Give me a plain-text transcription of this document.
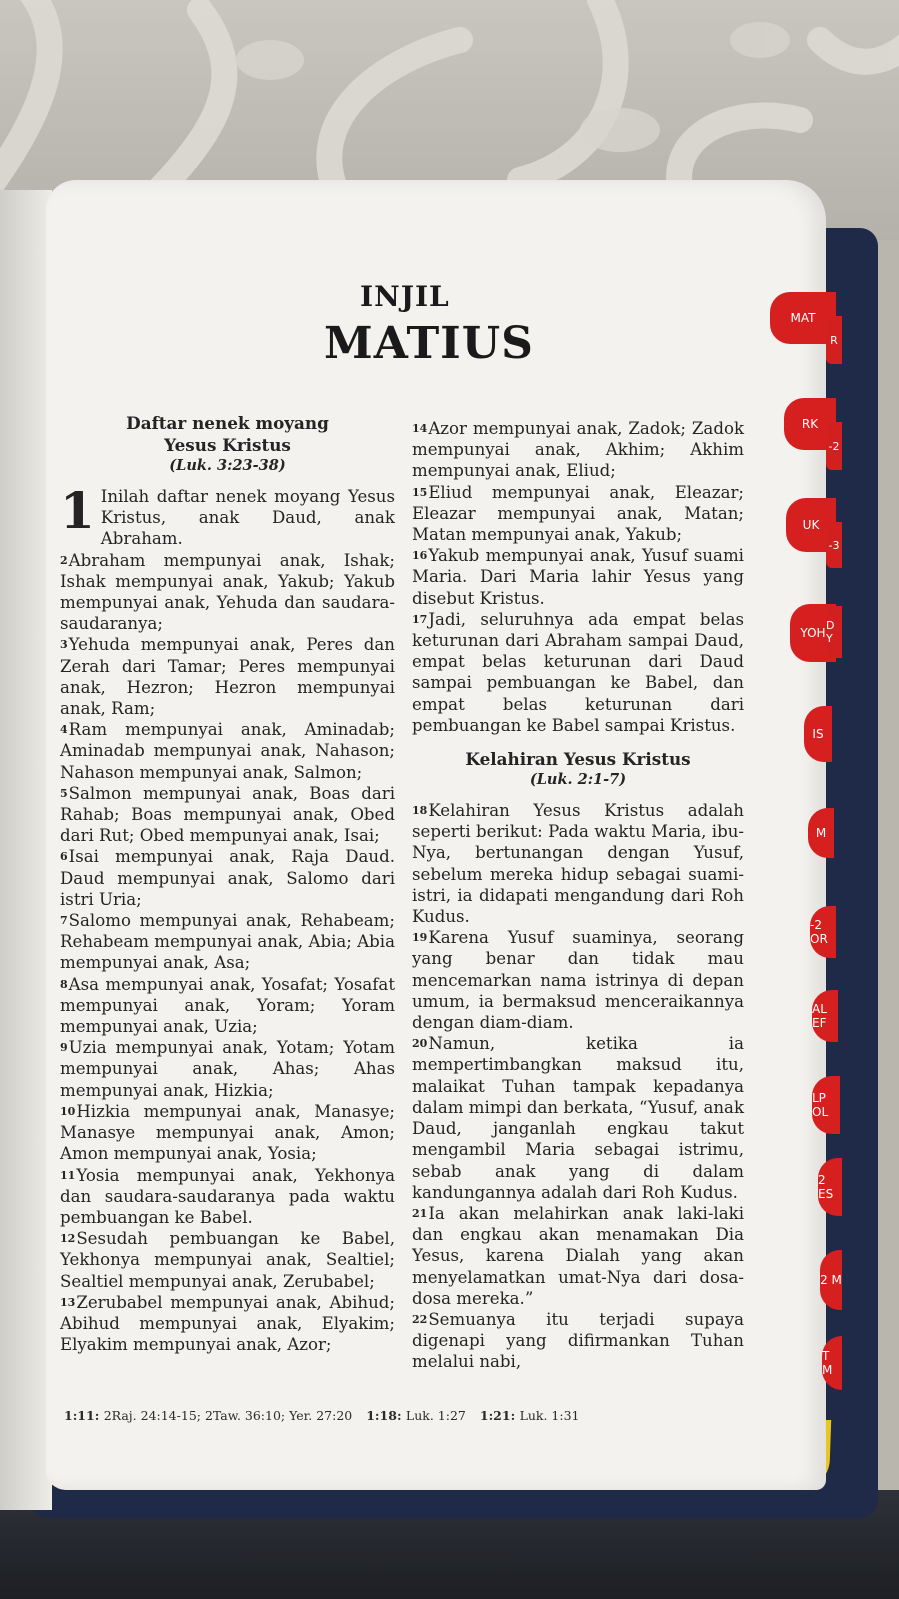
MAT
RK
UK
YOH
IS
M
-2 OR
AL EF
LP OL
2 ES
2 M
T M
R
-2
-3
D Y
INJIL
MATIUS
Daftar nenek moyang
Yesus Kristus
(Luk. 3:23-38)

1 Inilah daftar nenek moyang Yesus Kristus, anak Daud, anak Abraham.

2Abraham mempunyai anak, Ishak; Ishak mempunyai anak, Yakub; Yakub mempunyai anak, Yehuda dan saudara-saudaranya;

3Yehuda mempunyai anak, Peres dan Zerah dari Tamar; Peres mempunyai anak, Hezron; Hezron mempunyai anak, Ram;

4Ram mempunyai anak, Aminadab; Aminadab mempunyai anak, Nahason; Nahason mempunyai anak, Salmon;

5Salmon mempunyai anak, Boas dari Rahab; Boas mempunyai anak, Obed dari Rut; Obed mempunyai anak, Isai;

6Isai mempunyai anak, Raja Daud. Daud mempunyai anak, Salomo dari istri Uria;

7Salomo mempunyai anak, Rehabeam; Rehabeam mempunyai anak, Abia; Abia mempunyai anak, Asa;

8Asa mempunyai anak, Yosafat; Yosafat mempunyai anak, Yoram; Yoram mempunyai anak, Uzia;

9Uzia mempunyai anak, Yotam; Yotam mempunyai anak, Ahas; Ahas mempunyai anak, Hizkia;

10Hizkia mempunyai anak, Manasye; Manasye mempunyai anak, Amon; Amon mempunyai anak, Yosia;

11Yosia mempunyai anak, Yekhonya dan saudara-saudaranya pada waktu pembuangan ke Babel.

12Sesudah pembuangan ke Babel, Yekhonya mempunyai anak, Sealtiel; Sealtiel mempunyai anak, Zerubabel;

13Zerubabel mempunyai anak, Abihud; Abihud mempunyai anak, Elyakim; Elyakim mempunyai anak, Azor;

14Azor mempunyai anak, Zadok; Zadok mempunyai anak, Akhim; Akhim mempunyai anak, Eliud;

15Eliud mempunyai anak, Eleazar; Eleazar mempunyai anak, Matan; Matan mempunyai anak, Yakub;

16Yakub mempunyai anak, Yusuf suami Maria. Dari Maria lahir Yesus yang disebut Kristus.

17Jadi, seluruhnya ada empat belas keturunan dari Abraham sampai Daud, empat belas keturunan dari Daud sampai pembuangan ke Babel, dan empat belas keturunan dari pembuangan ke Babel sampai Kristus.

Kelahiran Yesus Kristus
(Luk. 2:1-7)

18Kelahiran Yesus Kristus adalah seperti berikut: Pada waktu Maria, ibu-Nya, bertunangan dengan Yusuf, sebelum mereka hidup sebagai suami-istri, ia didapati mengandung dari Roh Kudus.

19Karena Yusuf suaminya, seorang yang benar dan tidak mau mencemarkan nama istrinya di depan umum, ia bermaksud menceraikannya dengan diam-diam.

20Namun, ketika ia mempertimbangkan maksud itu, malaikat Tuhan tampak kepadanya dalam mimpi dan berkata, “Yusuf, anak Daud, janganlah engkau takut mengambil Maria sebagai istrimu, sebab anak yang di dalam kandungannya adalah dari Roh Kudus.

21Ia akan melahirkan anak laki-laki dan engkau akan menamakan Dia Yesus, karena Dialah yang akan menyelamatkan umat-Nya dari dosa-dosa mereka.”

22Semuanya itu terjadi supaya digenapi yang difirmankan Tuhan melalui nabi,

1:11: 2Raj. 24:14-15; 2Taw. 36:10; Yer. 27:20 1:18: Luk. 1:27 1:21: Luk. 1:31
